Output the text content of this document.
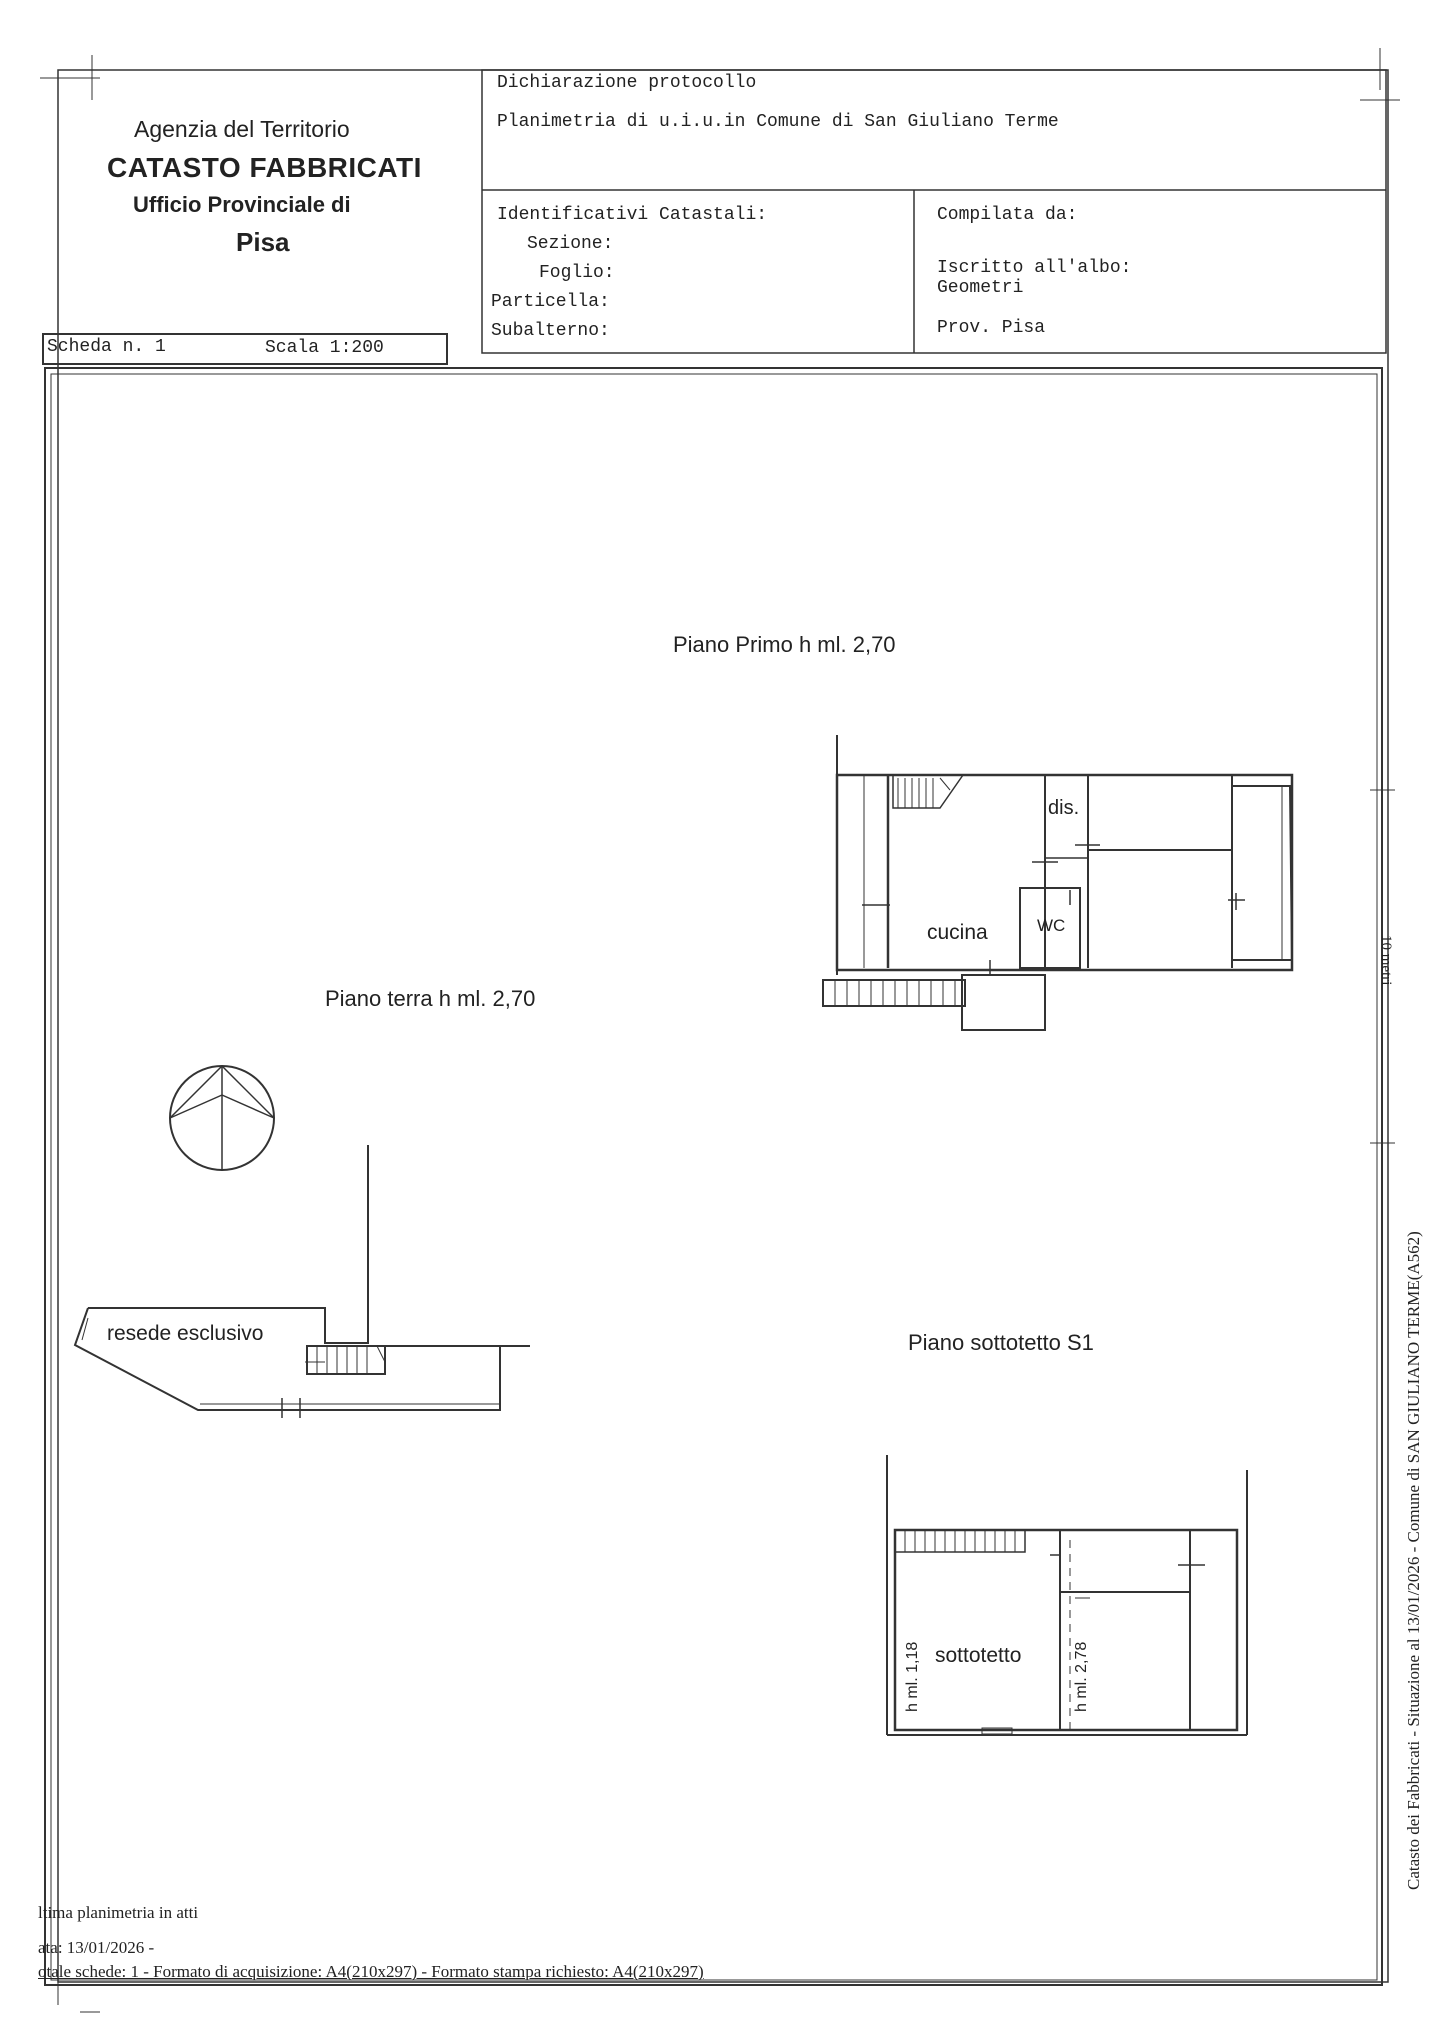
Agenzia del Territorio
CATASTO FABBRICATI
Ufficio Provinciale di
Pisa
Dichiarazione protocollo
Planimetria di u.i.u.in Comune di San Giuliano Terme
Identificativi Catastali:
Sezione:
Foglio:
Particella:
Subalterno:
Compilata da:
Iscritto all'albo:
Geometri
Prov. Pisa
Scheda n. 1	Scala 1:200
Piano Primo h ml. 2,70
Piano terra h ml. 2,70
Piano sottotetto S1
dis.
cucina	WC
resede esclusivo
sottotetto
h ml. 1,18	h ml. 2,78
10 metri
Catasto dei Fabbricati - Situazione al 13/01/2026 - Comune di SAN GIULIANO TERME(A562)
ltima planimetria in atti
ata: 13/01/2026 -
otale schede: 1 - Formato di acquisizione: A4(210x297) - Formato stampa richiesto: A4(210x297)
